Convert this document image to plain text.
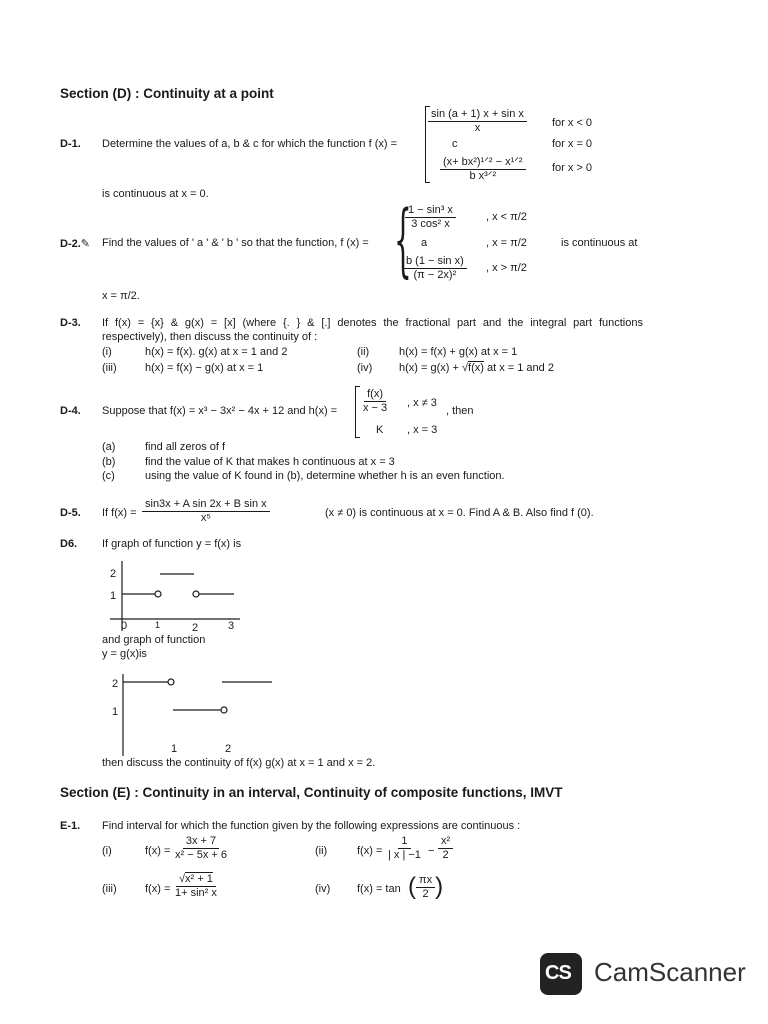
Section (D) : Continuity at a point
D-1. Determine the values of a, b & c for which the function f (x) =
$\frac{\text{sin (a + 1) x + sin x}}{x}$ for x < 0
c	for x = 0
$\frac{\text{(x+ bx²)¹ᐟ² − x¹ᐟ²}}{\text{b x³ᐟ²}}$ for x > 0
is continuous at x = 0.
D-2.✎ Find the values of ' a ' & ' b ' so that the function, f (x) = {
$\frac{\text{1 − sin³ x}}{\text{3 cos² x}}$	, x < π/2
a	, x = π/2	is continuous at
$\frac{\text{b (1 − sin x)}}{\text{(π − 2x)²}}$ , x > π/2
x = π/2.
D-3. If f(x) = {x} & g(x) = [x] (where {. } & [.] denotes the fractional part and the integral part functions
respectively), then discuss the continuity of :
(i)	h(x) = f(x). g(x) at x = 1 and 2	(ii)	h(x) = f(x) + g(x) at x = 1
(iii)	h(x) = f(x) − g(x) at x = 1	(iv) h(x) = g(x) + √f(x) at x = 1 and 2
D-4. Suppose that f(x) = x³ − 3x² − 4x + 12 and $h(x) = \frac{f(x)}{x - 3}$ , x ≠ 3
K , x = 3
, then
(a)	find all zeros of f
(b)	find the value of K that makes h continuous at x = 3
(c)	using the value of K found in (b), determine whether h is an even function.
D-5. If $f(x) = \frac{\text{sin3x + A sin 2x + B sin x}}{\text{x⁵}}$	(x ≠ 0) is continuous at x = 0. Find A & B. Also find f (0).
D6. If graph of function y = f(x) is
2
1
0	1	2	3
and graph of function
y = g(x)is
2
1
1	2
then discuss the continuity of f(x) g(x) at x = 1 and x = 2.
Section (E) : Continuity in an interval, Continuity of composite functions, IMVT
E-1. Find interval for which the function given by the following expressions are continuous :
(i)	$f(x) = \frac{3x + 7}{\text{x² − 5x + 6}}$	(ii)	$f(x) = \frac{1}{| x | -1} - \frac{\text{x²}}{2}$
(iii)	$f(x) = \frac{\text{√x² + 1}}{\text{1+ sin² x}}$	(iv) f(x) = tan ( $\frac{\pi x}{2}$ )
CS CamScanner
